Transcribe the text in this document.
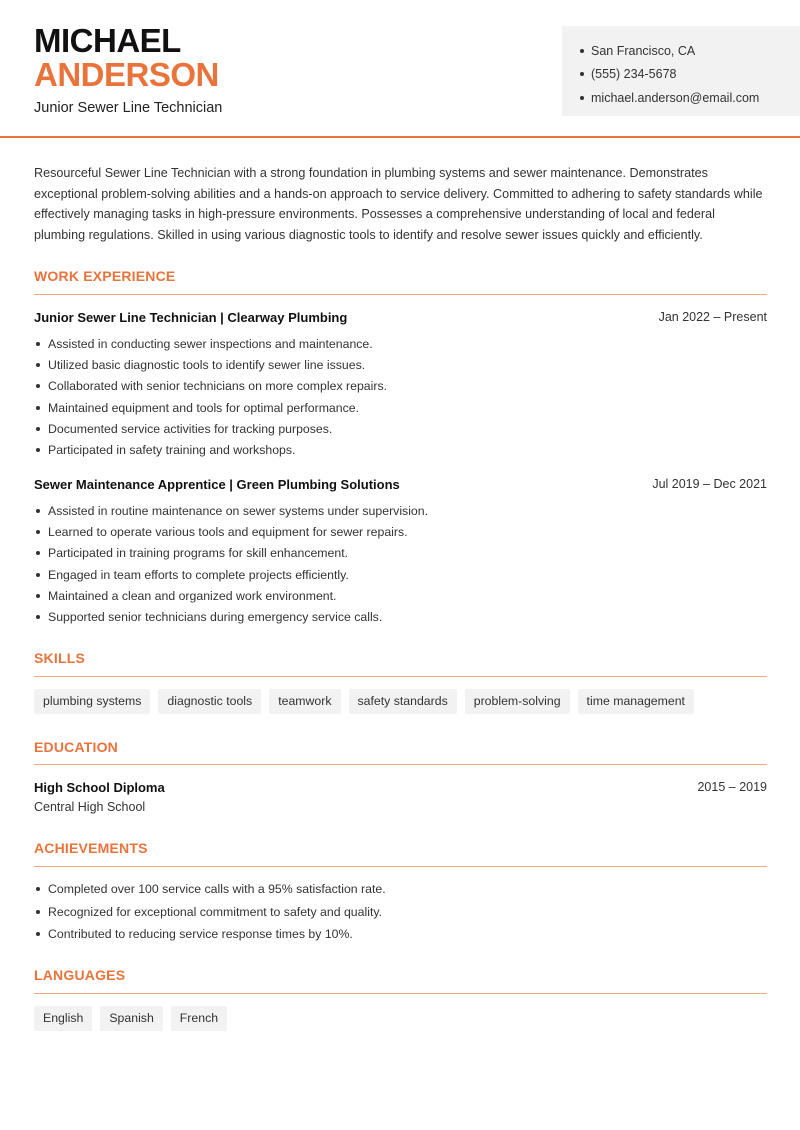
MICHAEL
ANDERSON
Junior Sewer Line Technician
San Francisco, CA
(555) 234-5678
michael.anderson@email.com

Resourceful Sewer Line Technician with a strong foundation in plumbing systems and sewer maintenance. Demonstrates exceptional problem-solving abilities and a hands-on approach to service delivery. Committed to adhering to safety standards while effectively managing tasks in high-pressure environments. Possesses a comprehensive understanding of local and federal plumbing regulations. Skilled in using various diagnostic tools to identify and resolve sewer issues quickly and efficiently.

WORK EXPERIENCE
Junior Sewer Line Technician | Clearway Plumbing	Jan 2022 – Present
Assisted in conducting sewer inspections and maintenance.
Utilized basic diagnostic tools to identify sewer line issues.
Collaborated with senior technicians on more complex repairs.
Maintained equipment and tools for optimal performance.
Documented service activities for tracking purposes.
Participated in safety training and workshops.
Sewer Maintenance Apprentice | Green Plumbing Solutions	Jul 2019 – Dec 2021
Assisted in routine maintenance on sewer systems under supervision.
Learned to operate various tools and equipment for sewer repairs.
Participated in training programs for skill enhancement.
Engaged in team efforts to complete projects efficiently.
Maintained a clean and organized work environment.
Supported senior technicians during emergency service calls.
SKILLS
plumbing systems	diagnostic tools	teamwork	safety standards	problem-solving	time management
EDUCATION
High School Diploma	2015 – 2019
Central High School
ACHIEVEMENTS
Completed over 100 service calls with a 95% satisfaction rate.
Recognized for exceptional commitment to safety and quality.
Contributed to reducing service response times by 10%.
LANGUAGES
English	Spanish	French
